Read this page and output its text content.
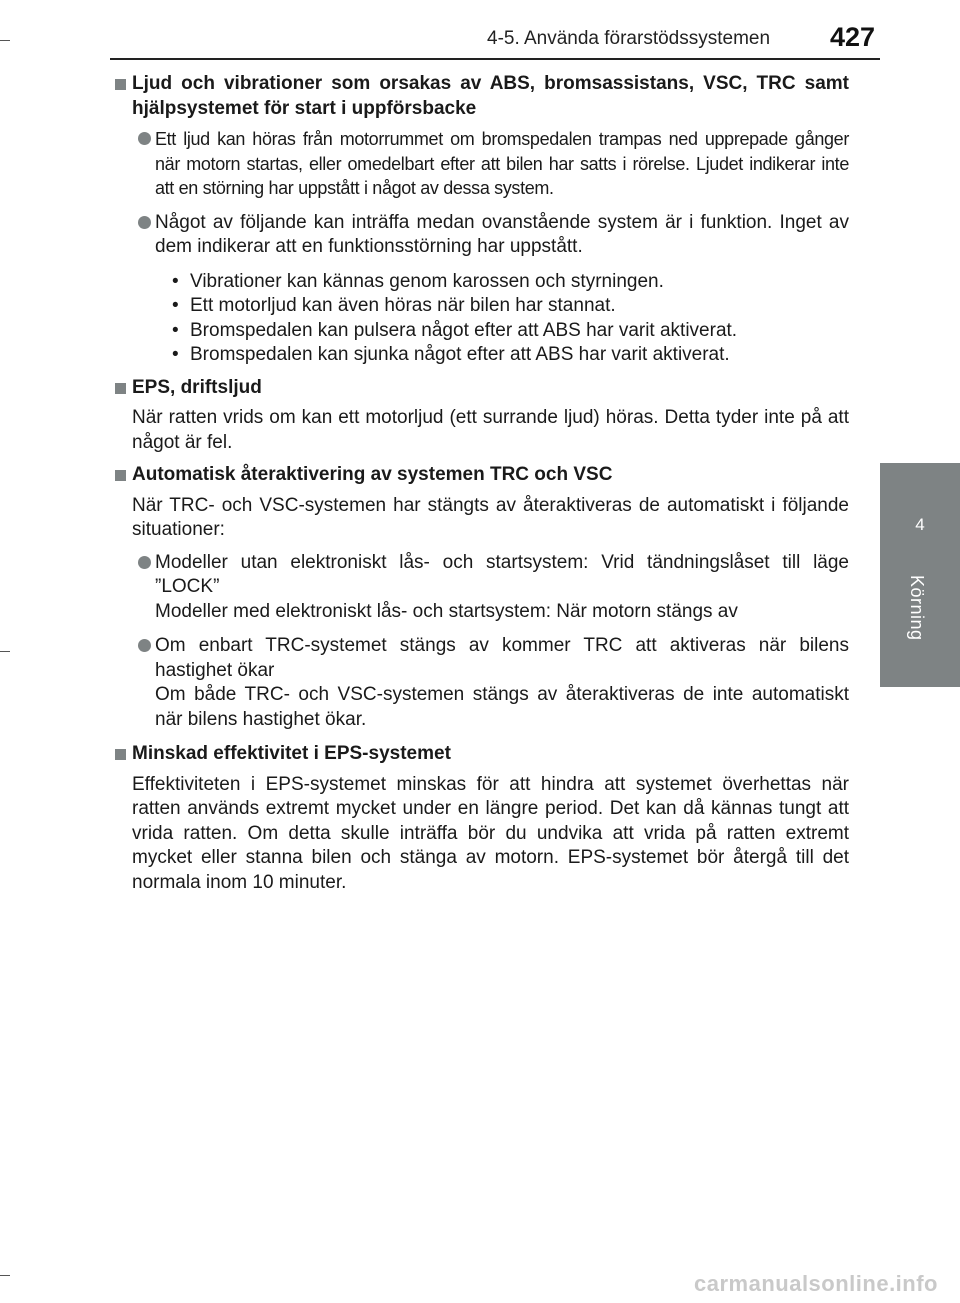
4-5. Använda förarstödssystemen 427
4
Körning

Ljud och vibrationer som orsakas av ABS, bromsassistans, VSC, TRC samt hjälpsystemet för start i uppförsbacke

Ett ljud kan höras från motorrummet om bromspedalen trampas ned upprepade gånger när motorn startas, eller omedelbart efter att bilen har satts i rörelse. Ljudet indikerar inte att en störning har uppstått i något av dessa system.
Något av följande kan inträffa medan ovanstående system är i funktion. Inget av dem indikerar att en funktionsstörning har uppstått.
• Vibrationer kan kännas genom karossen och styrningen.
• Ett motorljud kan även höras när bilen har stannat.
• Bromspedalen kan pulsera något efter att ABS har varit aktiverat.
• Bromspedalen kan sjunka något efter att ABS har varit aktiverat.

EPS, driftsljud

När ratten vrids om kan ett motorljud (ett surrande ljud) höras. Detta tyder inte på att något är fel.

Automatisk återaktivering av systemen TRC och VSC

När TRC- och VSC-systemen har stängts av återaktiveras de automatiskt i följande situationer:

Modeller utan elektroniskt lås- och startsystem: Vrid tändningslåset till läge ”LOCK”
Modeller med elektroniskt lås- och startsystem: När motorn stängs av
Om enbart TRC-systemet stängs av kommer TRC att aktiveras när bilens hastighet ökar
Om både TRC- och VSC-systemen stängs av återaktiveras de inte automatiskt när bilens hastighet ökar.

Minskad effektivitet i EPS-systemet

Effektiviteten i EPS-systemet minskas för att hindra att systemet överhettas när ratten används extremt mycket under en längre period. Det kan då kännas tungt att vrida ratten. Om detta skulle inträffa bör du undvika att vrida på ratten extremt mycket eller stanna bilen och stänga av motorn. EPS-systemet bör återgå till det normala inom 10 minuter.

carmanualsonline.info
